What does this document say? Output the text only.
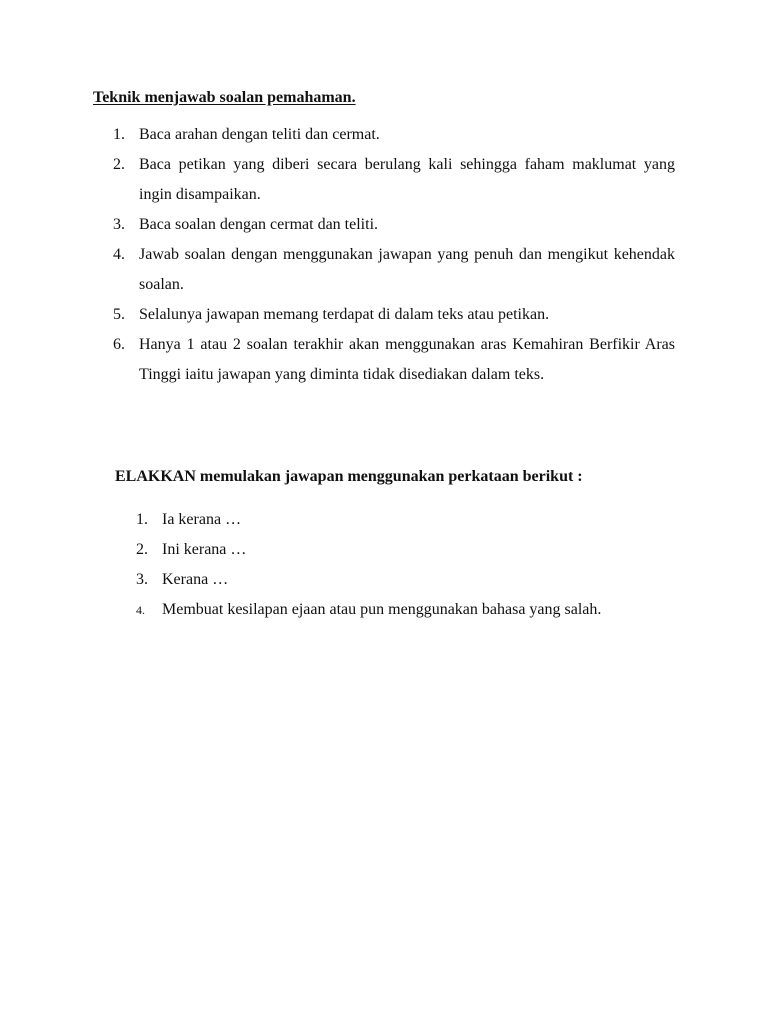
Teknik menjawab soalan pemahaman.
1. Baca arahan dengan teliti dan cermat.
2. Baca petikan yang diberi secara berulang kali sehingga faham maklumat yang ingin disampaikan.
3. Baca soalan dengan cermat dan teliti.
4. Jawab soalan dengan menggunakan jawapan yang penuh dan mengikut kehendak soalan.
5. Selalunya jawapan memang terdapat di dalam teks atau petikan.
6. Hanya 1 atau 2 soalan terakhir akan menggunakan aras Kemahiran Berfikir Aras Tinggi iaitu jawapan yang diminta tidak disediakan dalam teks.
ELAKKAN memulakan jawapan menggunakan perkataan berikut :
1. Ia kerana …
2. Ini kerana …
3. Kerana …
4.	Membuat kesilapan ejaan atau pun menggunakan bahasa yang salah.
